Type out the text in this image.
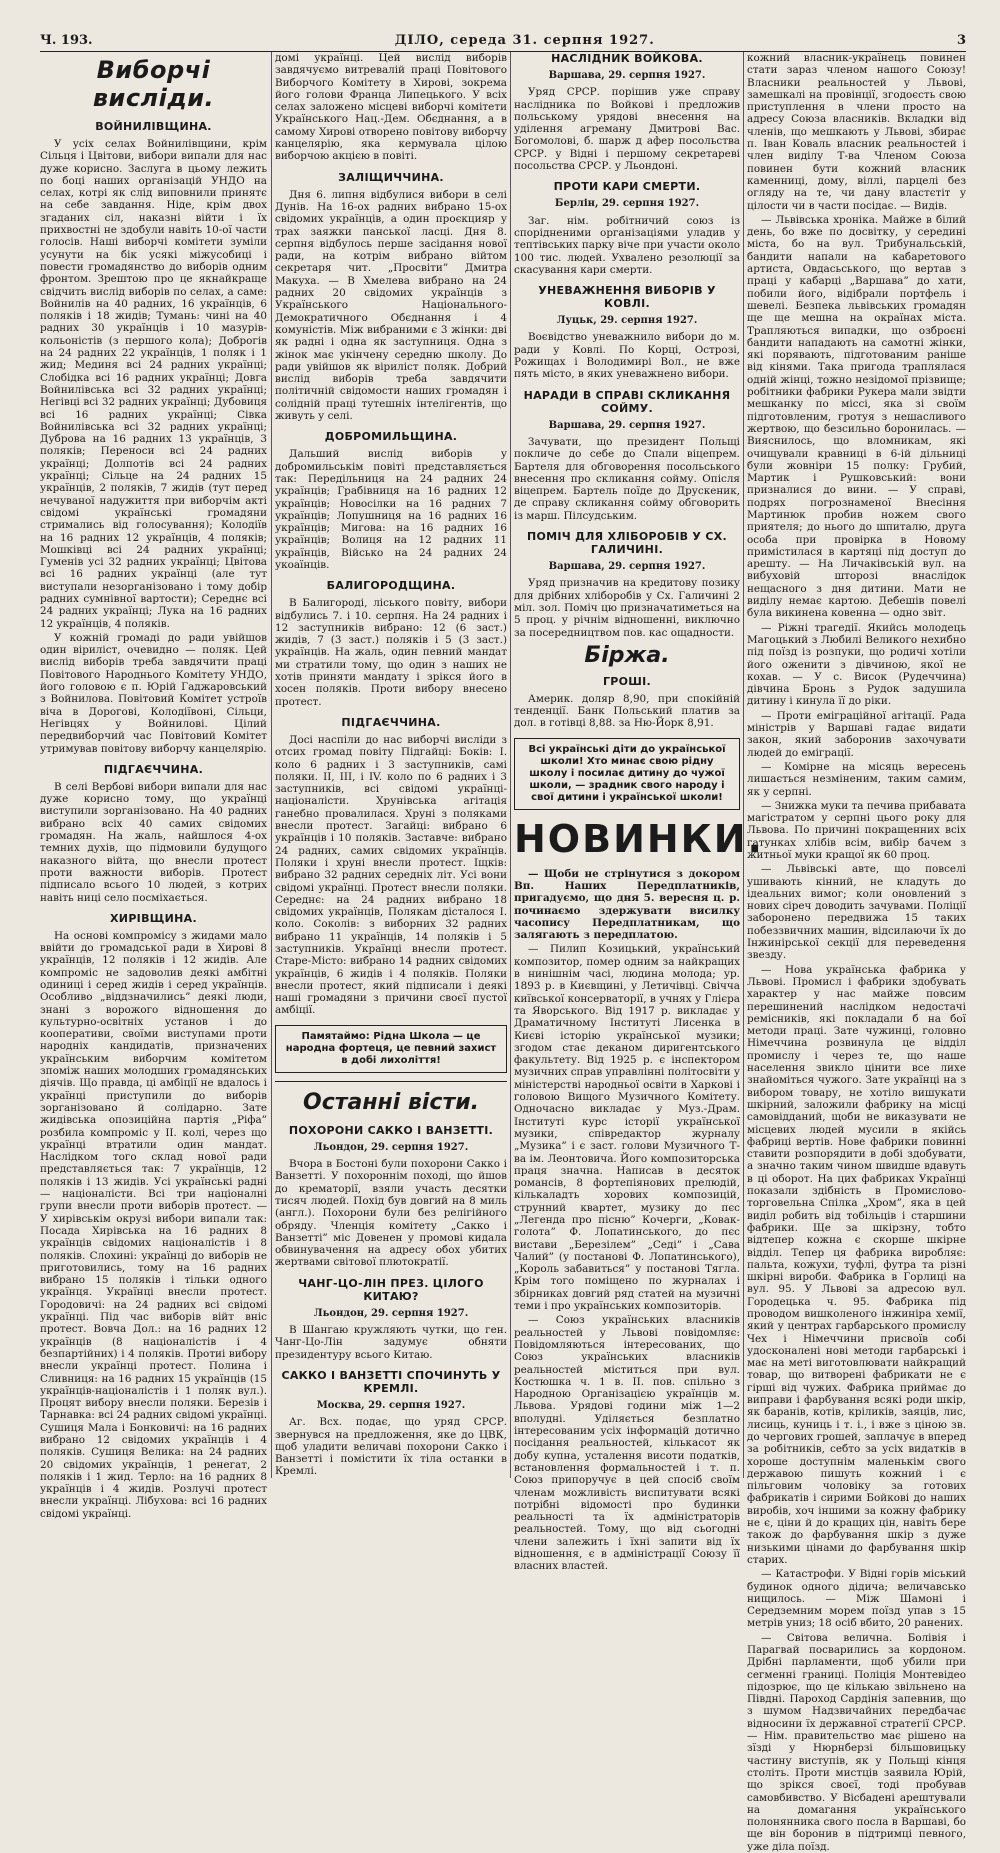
Ч. 193.	ДІЛО, середа 31. серпня 1927.	3
Виборчі висліди.
ВОЙНИЛІВЩИНА.

У усіх селах Войнилівщини, крім Сільця і Цвітови, вибори випали для нас дуже корисно. Заслуга в цьому лежить по боці наших організацій УНДО на селах, котрі як слід виповнили принятє на себе завдання. Ніде, крім двох згаданих сіл, наказні війти і їх прихвостні не здобули навіть 10-ої части голосів. Наші виборчі комітети зуміли усунути на бік усякі міжусобиці і повести громадянство до виборів одним фронтом. Зрештою про це якнайкраще свідчить вислід виборів по селах, а саме: Войнилів на 40 радних, 16 українців, 6 поляків і 18 жидів; Тумань: чині на 40 радних 30 українців і 10 мазурів-кольоністів (з першого кола); Доброгів на 24 радних 22 українців, 1 поляк і 1 жид; Мединя всі 24 радних українці; Слобідка всі 16 радних українці; Довга Войнилівська всі 32 радних українці; Негівці всі 32 радних українці; Дубовиця всі 16 радних українці; Сівка Войнилівська всі 32 радних українці; Дуброва на 16 радних 13 українців, 3 поляків; Переноси всі 24 радних українці; Долпотів всі 24 радних українці; Сільце на 24 радних 15 українців, 2 поляків, 7 жидів (тут перед нечуваної надужиття при виборчім акті свідомі українські громадяни стримались від голосування); Колодіїв на 16 радних 12 українців, 4 поляків; Мошківці всі 24 радних українці; Гуменів усі 32 радних українці; Цвітова всі 16 радних українці (але тут виступали незорганізовано і тому добір радних сумнівної вартости); Середнє всі 24 радних українці; Лука на 16 радних 12 українців, 4 поляків.

У кожній громаді до ради увійшов один віриліст, очевидно — поляк. Цей вислід виборів треба завдячити праці Повітового Народнього Комітету УНДО, його головою є п. Юрій Гаджаровський з Войнилова. Повітовий Комітет устроїв віча в Дорогові, Колодіївоні, Сільци, Негівцях у Войнилові. Цілий передвиборчий час Повітовий Комітет утримував повітову виборчу канцелярію.

ПІДГАЄЧЧИНА.

В селі Вербові вибори випали для нас дуже корисно тому, що українці виступили зорганізовано. На 40 радних вибрано всіх 40 самих свідомих громадян. На жаль, найшлося 4-ох темних духів, що підмовили будущого наказного війта, що внесли протест проти важности виборів. Протест підписало всього 10 людей, з котрих навіть ниці село посміхається.

ХИРІВЩИНА.

На основі компромісу з жидами мало ввійти до громадської ради в Хирові 8 українців, 12 поляків і 12 жидів. Але компроміс не задоволив деякі амбітні одиниці і серед жидів і серед українців. Особливо „віддзначились” деякі люди, знані з ворожого відношення до культурно-освітніх установ і до кооперативи, своїми виступами проти народніх кандидатів, призначених українським виборчим комітетом зпоміж наших молодших громадянських діячів. Що правда, ці амбіції не вдалось і українці приступили до виборів зорганізовано й солідарно. Зате жидівська опозиційна партія „Ріфа” розбила компроміс у II. колі, через що українці втратили один мандат. Наслідком того склад нової ради представляється так: 7 українців, 12 поляків і 13 жидів. Усі українські радні — націоналісти. Всі три націоналні групи внесли проти виборів протест. — У хирівськім окрузі вибори випали так: Посада Хирівська на 16 радних 8 українців свідомих націоналістів і 8 поляків. Слохині: українці до виборів не приготовились, тому на 16 радних вибрано 15 поляків і тільки одного українця. Українці внесли протест. Городовичі: на 24 радних всі свідомі українці. Під час виборів війт вніс протест. Вовча Дол.: на 16 радних 12 українців (8 націоналістів і 4 безпартійних) і 4 поляків. Протиі вибору внесли українці протест. Полина і Сливниця: на 16 радних 15 українців (15 українців-націоналістів і 1 поляк вул.). Процят вибору внесли поляки. Березів і Тарнавка: всі 24 радних свідомі українці. Сушиця Мала і Бонковичі: на 16 радних вибрано 12 свідомих українців і 4 поляків. Сушиця Велика: на 24 радних 20 свідомих українців, 1 ренегат, 2 поляків і 1 жид. Терло: на 16 радних 8 українців і 4 жидів. Розлучі протест внесли українці. Лібухова: всі 16 радних свідомі українці.

домі українці. Цей вислід виборів завдячуємо витревалій праці Повітового Виборчого Комітету в Хирові, зокрема його голови Франца Липецького. У всіх селах заложено місцеві виборчі комітети Українського Нац.-Дем. Обєднання, а в самому Хирові отворено повітову виборчу канцелярію, яка кермувала цілою виборчою акцією в повіті.

ЗАЛІЩИЧЧИНА.

Дня 6. липня відбулися вибори в селі Дунів. На 16-ох радних вибрано 15-ох свідомих українців, а один проєкцияр у трах заяжки панської ласці. Дня 8. серпня відбулось перше засідання нової ради, на котрім вибрано війтом секретаря чит. „Просвіти” Дмитра Макуха. — В Хмелева вибрано на 24 радних 20 свідомих українців з Українського Національного-Демократичного Обєднання і 4 комуністів. Між вибраними є 3 жінки: дві як радні і одна як заступниця. Одна з жінок має укінчену середню школу. До ради увійшов як віриліст поляк. Добрий вислід виборів треба завдячити політичній свідомости наших громадян і солідній праці тутешніх інтелігентів, що живуть у селі.

ДОБРОМИЛЬЩИНА.

Дальший вислід виборів у добромильськім повіті представляється так: Передільниця на 24 радних 24 українців; Грабівниця на 16 радних 12 українців; Новосілки на 16 радних 7 українців; Лопушниця на 16 радних 16 українців; Мигова: на 16 радних 16 українців; Волиця на 12 радних 11 українців, Військо на 24 радних 24 укоаїнців.

БАЛИГОРОДЩИНА.

В Балигороді, ліського повіту, вибори відбулись 7. і 10. серпня. На 24 радних і 12 заступників вибрано: 12 (6 заст.) жидів, 7 (3 заст.) поляків і 5 (3 заст.) українців. На жаль, один певний мандат ми стратили тому, що один з наших не хотів приняти мандату і зрікся його в хосен поляків. Проти вибору внесено протест.

ПІДГАЄЧЧИНА.

Досі наспіли до нас виборчі висліди з отсих громад повіту Підгайці: Боків: I. коло 6 радних і 3 заступників, самі поляки. II, III, і IV. коло по 6 радних і 3 заступників, всі свідомі українці-націоналісти. Хрунівська агітація ганебно провалилася. Хруні з поляками внесли протест. Загайці: вибрано 6 українців і 10 поляків. Заставче: вибрано 24 радних, самих свідомих українців. Поляки і хруні внесли протест. Іщків: вибрано 32 радних середніх літ. Усі вони свідомі українці. Протест внесли поляки. Середнє: на 24 радних вибрано 18 свідомих українців, Полякам дісталося І. коло. Соколів: з виборних 32 радних вибрано 11 українців, 14 поляків і 5 заступників. Українці внесли протест. Старе-Місто: вибрано 14 радних свідомих українців, 6 жидів і 4 поляків. Поляки внесли протест, який підписали і деякі наші громадяни з причини своєї пустої амбіції.

Памятаймо: Рідна Школа — це народна фортеця, це певний захист в добі лихоліття!
Останні вісти.
ПОХОРОНИ САККО І ВАНЗЕТТІ.
Льондон, 29. серпня 1927.

Вчора в Бостоні були похорони Сакко і Ванзетті. У похороннім поході, що йшов до крематорії, взяли участь десятки тисяч людей. Похід був довгий на 8 миль (англ.). Похорони були без релігійного обряду. Членція комітету „Сакко і Ванзетті” міс Довенен у промові кидала обвинувачення на адресу обох убитих жертвами світової плютократії.

ЧАНГ-ЦО-ЛІН ПРЕЗ. ЦІЛОГО КИТАЮ?
Льондон, 29. серпня 1927.

В Шангаю кружляють чутки, що ген. Чанг-Цо-Лін задумує обняти президентуру всього Китаю.

САККО І ВАНЗЕТТІ СПОЧИНУТЬ У КРЕМЛІ.
Москва, 29. серпня 1927.

Аг. Всх. подає, що уряд СРСР. звернувся на предложення, яке до ЦВК, щоб уладити величаві похорони Сакко і Ванзетті і помістити їх тіла останки в Кремлі.

НАСЛІДНИК ВОЙКОВА.
Варшава, 29. серпня 1927.

Уряд СРСР. порішив уже справу наслідника по Войкові і предложив польському урядові внесення на уділення агреману Дмитрові Вас. Богомолові, б. шарж д афер посольства СРСР. у Відні і першому секретареві посольства СРСР. у Льондоні.

ПРОТИ КАРИ СМЕРТИ.
Берлін, 29. серпня 1927.

Заг. нім. робітничий союз із спорідненими організаціями уладив у тептівських парку віче при участи около 100 тис. людей. Ухвалено резолюції за скасування кари смерти.

УНЕВАЖНЕННЯ ВИБОРІВ У КОВЛІ.
Луцьк, 29. серпня 1927.

Воєвідство уневажнило вибори до м. ради у Ковлі. По Корці, Острозі, Рожищах і Володимирі Вол., не вже пять місто, в яких уневажнено вибори.

НАРАДИ В СПРАВІ СКЛИКАННЯ СОЙМУ.
Варшава, 29. серпня 1927.

Зачувати, що президент Польщі покличе до себе до Спали віцепрем. Бартеля для обговорення посольського внесення про скликання сойму. Опісля віцепрем. Бартель поїде до Друскеник, де справу скликання сойму обговорить із марш. Пілсудським.

ПОМІЧ ДЛЯ ХЛІБОРОБІВ У СХ. ГАЛИЧИНІ.
Варшава, 29. серпня 1927.

Уряд призначив на кредитову позику для дрібних хліборобів у Сх. Галичині 2 міл. зол. Поміч цю призначатиметься на 5 проц. у річнім відношенні, виключно за посередництвом пов. кас ощадности.

Біржа.
ГРОШІ.

Америк. доляр 8,90, при спокійній тенденції. Банк Польський платив за дол. в готівці 8,88. за Ню-Йорк 8,91.

Всі українські діти до української школи! Хто минає свою рідну школу і посилає дитину до чужої школи, — зрадник свого народу і свої дитини і української школи!
НОВИНКИ.

— Щоби не стрінутися з докором Вп. Наших Передплатників, пригадуємо, що дня 5. вересня ц. р. починаємо здержувати висилку часопису Передплатникам, що залягають з передплатою.

— Пилип Козицький, український композитор, помер одним за найкращих в нинішнім часі, людина молода; ур. 1893 р. в Києвщині, у Летичівці. Свічча київської консерваторії, в учнях у Глієра та Яворського. Від 1917 р. викладає у Драматичному Інституті Лисенка в Києві історію української музики; згодом стає деканом диригентського факультету. Від 1925 р. є інспектором музичних справ управлінні політосвіти у міністерстві народньої освіти в Харкові і головою Вищого Музичного Комітету. Одночасно викладає у Муз.-Драм. Інституті курс історії української музики, співредактор журналу „Музика” і є заст. голови Музичного Т-ва ім. Леонтовича. Його композиторська праця значна. Написав в десяток романсів, 8 фортепіянових прелюдій, кількаладть хорових композицій, струнний квартет, музику до пєс „Легенда про пісню” Кочерги, „Ковак-голота” Ф. Лопатинського, до пєс вистави „Березілем” „Седі” і „Сава Чалий” (у постанові Ф. Лопатинського), „Король забавиться” у постанові Тягла. Крім того поміщено по журналах і збірниках довгий ряд статей на музичні теми і про українських композиторів.

— Союз українських власників реальностей у Львові повідомляє: Повідомляються інтересованих, що Союз українських власників реальностей міститься при вул. Костюшка ч. 1 в. II. пов. спільно з Народною Організацією українців м. Львова. Урядові години між 1—2 вполудні. Уділяється безплатно інтересованим усіх інформацій дотично посідання реальностей, кількасот як добу купна, усталення висоти податків, встановлення формальностей і т. п. Союз припоручує в цей спосіб своїм членам можливість виспитувати всякі потрібні відомості про будинки реальності та їх адміністраторів реальностей. Тому, що від сьогодні члени залежить і їхні запити від їх відношення, є в адміністрації Союзу її власних властей.

кожний власник-українець повинен стати зараз членом нашого Союзу! Власники реальностей у Львові, замешкалі на провінції, згодоєсть свою приступлення в члени просто на адресу Союза власників. Вкладки від членів, що мешкають у Львові, збирає п. Іван Коваль власник реальностей і член виділу Т-ва Членом Союза повинен бути кожний власник каменниці, дому, віллі, парцелі без огляду на те, чи дану властєтіт у цілости чи в части посідає. — Видів.

— Львівська хроніка. Майже в білий день, бо вже по досвітку, у середині міста, бо на вул. Трибунальській, бандити напали на кабаретового артиста, Овдасьського, що вертав з праці у кабарці „Варшава” до хати, побили його, відібрали портфель і шевелі. Безпека львівських громадян ще ще мешна на окраїнах міста. Трапляються випадки, що озброєні бандити нападають на самотні жінки, які порявають, підготованим раніше від кінями. Така пригода траплялася одній жінці, тожно незідомої прізвище; робітники фабрики Рукера мали звідти мешканку по міссі, яка зі своїм підготовленим, гротуя з нешасливого жертвою, що безсильно боронилась. — Вияснилось, що вломникам, які очищували кравниці в 6-ій дільниці були жовніри 15 полку: Грубий, Мартик і Рушковський: вони призналися до вини. — У справі, подрях погрознаменої Внесіння Мартинюк пробив ножем свого приятеля; до нього до шпиталю, друга особа при провірка в Новому примістилася в картяці під доступ до арешту. — На Личаківській вул. на вибуховій шторозі внаслідок нещасного з дня дитини. Мати не виділу немає картою. Дебешів повелі була викинена ковенна — одно звіт.

— Ріжні трагедії. Якийсь молодець Магоцький з Любилі Великого нехибно під поїзд із розпуки, що родичі хотіли його оженити з дівчиною, якої не кохав. — У с. Висок (Рудеччина) дівчина Бронь з Рудок задушила дитину і кинула її до ріки.

— Проти еміграційної агітації. Рада міністрів у Варшаві гадає видати закон, який заборонив захочувати людей до еміграції.

— Комірне на місяць вересень лишається незміненим, таким самим, як у серпні.

— Знижка муки та печива прибавата магістратом у серпні цього року для Львова. По причині покращенних всіх гатунках хлібів всім, вибір бачем з житньої муки кращої як 60 проц.

— Львівські авте, що повселі ушивають кінний, не кладуть до ідеальних вимог; коли оновлений з нових сіреч доводить зачувами. Поліції заборонено передвижа 15 таких побеззвичних машин, відсилаючи їх до Інжинірської секції для переведення звезду.

— Нова українська фабрика у Львові. Промисл і фабрики здобувать характер у нас майже повсим перешинений наслідком недостачі ремісників, які покладали б на бої методи праці. Зате чужинці, головно Німеччина розвинула це відділ промислу і через те, що наше населення звикло цінити все лихе знайоміться чужого. Зате українці на з вибором товару, не хотіло вишукати шкірний, заложили фабрику на місці самовідданий, щоби не виказувати не місцевих людей мусили в якійсь фабриці вертів. Нове фабрики повинні ставити розпорядити в добі здобувати, а значно таким чином швидше вдавуть в ці оборот. На цих фабриках Українці показали здібність в Промислово-торговельна Спілка „Хром”, яка в цей виділ робить від тобільців і старшини фабрики. Ще за шкірзну, тобто відтепер кожна є скорше шкірне відділ. Тепер ця фабрика виробляє: пальта, кожухи, туфлі, футра та різні шкірні вироби. Фабрика в Горлиці на вул. 95. У Львові за адресою вул. Городецька ч. 95. Фабрика під проводом вишколеного інжиніра хемії, який у центрах гарбарського промислу Чех і Німеччини присвоїв собі удосконалені нові методи гарбарські і має на меті виготовлювати найкращий товар, що витворені фабрикати не є гірші від чужих. Фабрика приймає до виправи і фарбування всякі роди шкір, як баранів, котів, кріликів, заяців, лис, лисиць, куниць і т. і., і вже з ціною зв. до чергових грошей, заплачує в вперед за робітників, себто за усіх видатків в хороше доступнім маленькім свого державою пишуть кожний і є пільговим чоловіку за готових фабрикатів і сирими Бойкові до наших виробів, хоч іншими за кожну фабрику не є, ціни й до кращих цін, навіть бере також до фарбування шкір з дуже низькими цінами до фарбування шкір старих.

— Катастрофи. У Відні горів міський будинок одного дідича; величавсько нищилось. — Між Шамоні і Середземним морем поїзд упав з 15 метрів униз; 18 осіб вбито, 20 ранених.

— Світова велична. Болівія і Парагвай посварились за кордоном. Дрібні парламенти, щоб убили при сегменні границі. Поліція Монтевідео підозрює, що це кількаю звільнено на Півдні. Пароход Сардінія запевнив, що з шумом Надзвичайних передбачає відносини їх державної стратегії СРСР. — Нім. правительство має рішено на зїзді у Нюрнберзі більшовицьку частину виступів, як у Польщі кінця століть. Проти мистців заявила Юрій, що зрікся своєї, тоді пробував самовбивство. У Вісбадені арештували на домагання українського полонянника свого посла в Варшаві, бо ще він боронив в підтримці певного, уже діла поїзд.
